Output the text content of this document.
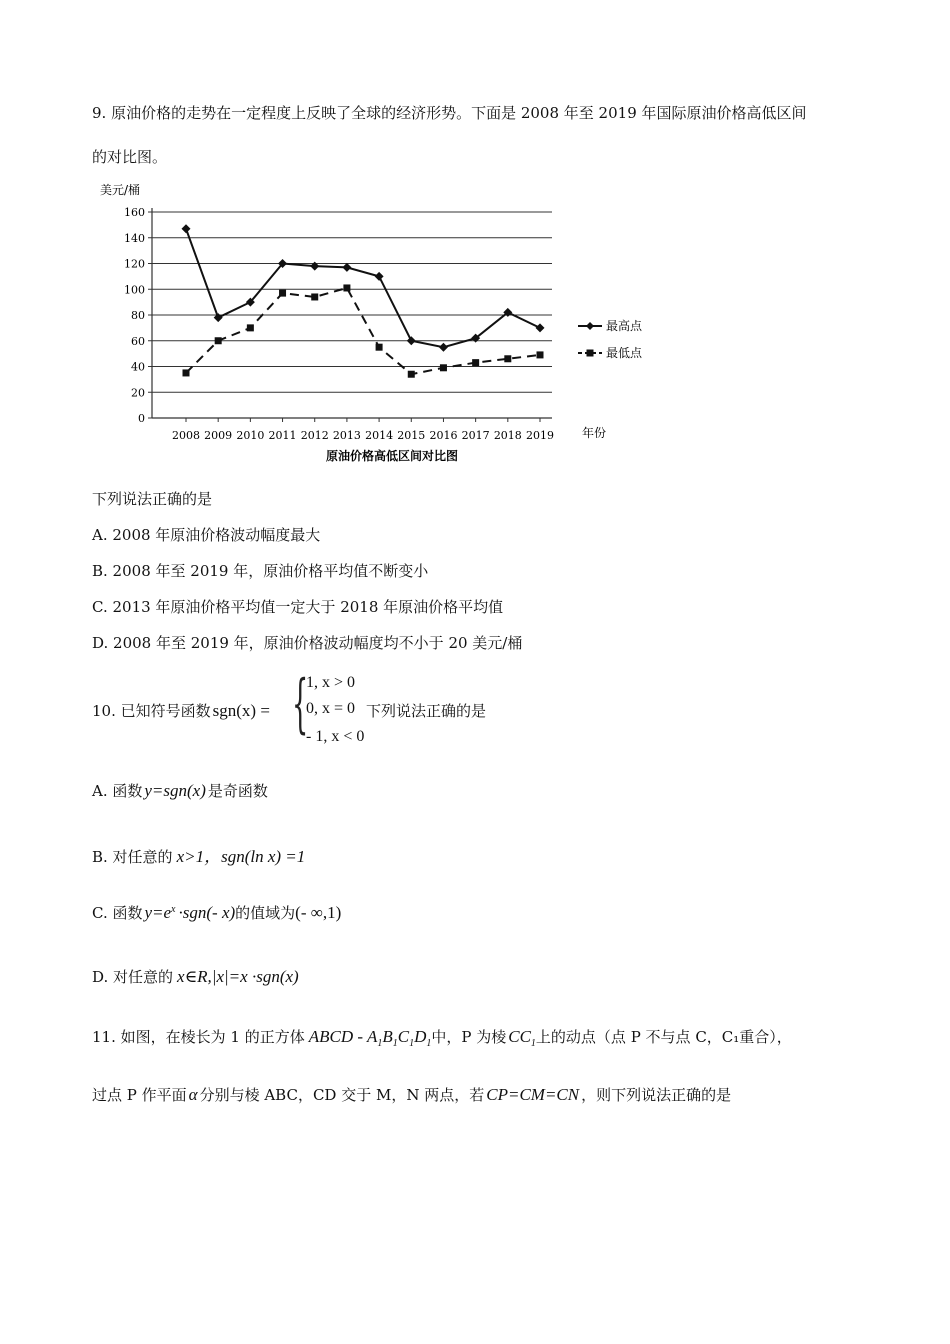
9. 原油价格的走势在一定程度上反映了全球的经济形势。下面是 2008 年至 2019 年国际原油价格高低区间
的对比图。
美元/桶
0
20
40
60
80
100
120
140
160
2008 2009 2010 2011 2012 2013 2014 2015 2016 2017 2018 2019
最高点
最低点
年份
原油价格高低区间对比图
下列说法正确的是
A. 2008 年原油价格波动幅度最大
B. 2008 年至 2019 年，原油价格平均值不断变小
C. 2013 年原油价格平均值一定大于 2018 年原油价格平均值
D. 2008 年至 2019 年，原油价格波动幅度均不小于 20 美元/桶
10. 已知符号函数 sgn(x) = {
1, x > 0
0, x = 0
- 1, x < 0
下列说法正确的是
A. 函数 y=sgn(x) 是奇函数
B. 对任意的 x>1，sgn(ln x) =1
C. 函数 $y=e^x \cdot sgn(-$ x)的值域为(- ∞,1)
D. 对任意的 x∈R,|x|=x ·sgn(x)
11. 如图，在棱长为 1 的正方体 ABCD - $A_1B_1C_1D_1$中，P 为棱 $CC_1$上的动点（点 P 不与点 C，C₁重合），
过点 P 作平面 α 分别与棱 ABC，CD 交于 M，N 两点，若 CP=CM=CN ，则下列说法正确的是
